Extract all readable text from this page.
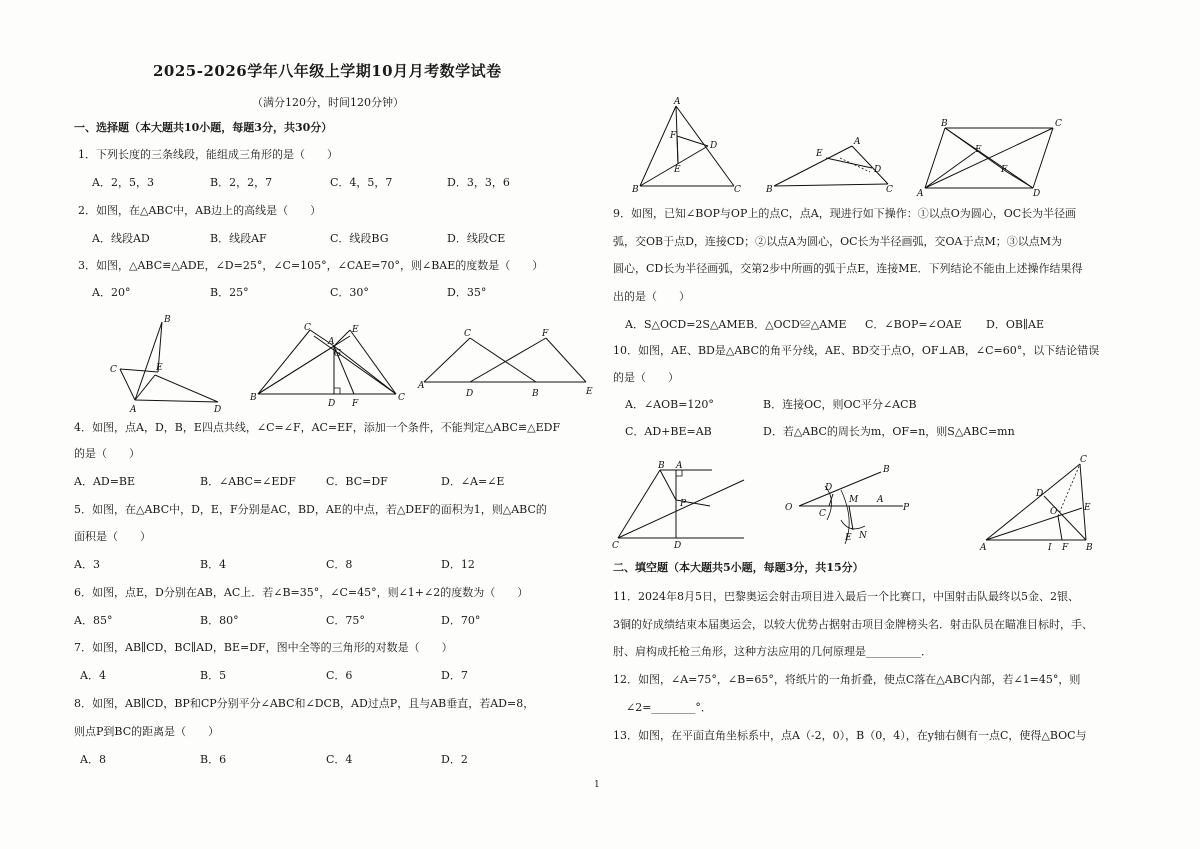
2025-2026学年八年级上学期10月月考数学试卷
（满分120分，时间120分钟）
一、选择题（本大题共10小题，每题3分，共30分）
1．下列长度的三条线段，能组成三角形的是（　　）
A．2，5，3	B．2，2，7	C．4，5，7	D．3，3，6
2．如图，在△ABC中，AB边上的高线是（　　）
A．线段AD	B．线段AF	C．线段BG	D．线段CE
3．如图，△ABC≌△ADE，∠D=25°，∠C=105°，∠CAE=70°，则∠BAE的度数是（　　）
A．20°	B．25°	C．30°	D．35°
B
C	E
A	D
C
A
E
G
B	C
D F
C	F
A
D	B	E
4．如图，点A，D，B，E四点共线，∠C=∠F，AC=EF，添加一个条件，不能判定△ABC≌△EDF
的是（　　）
A．AD=BE	B．∠ABC=∠EDF	C．BC=DF	D．∠A=∠E
5．如图，在△ABC中，D，E，F分别是AC，BD，AE的中点，若△DEF的面积为1，则△ABC的
面积是（　　）
A．3	B．4	C．8	D．12
6．如图，点E，D分别在AB，AC上．若∠B=35°，∠C=45°，则∠1+∠2的度数为（　　）
A．85°	B．80°	C．75°	D．70°
7．如图，AB∥CD，BC∥AD，BE=DF，图中全等的三角形的对数是（　　）
A．4	B．5	C．6	D．7
8．如图，AB∥CD，BP和CP分别平分∠ABC和∠DCB，AD过点P，且与AB垂直，若AD=8，
则点P到BC的距离是（　　）
A．8	B．6	C．4	D．2
A
F
D
E
B	C
A
E
D
B	C
B	C
A	D
F
E
9．如图，已知∠BOP与OP上的点C，点A，现进行如下操作：①以点O为圆心，OC长为半径画
弧，交OB于点D，连接CD；②以点A为圆心，OC长为半径画弧，交OA于点M；③以点M为
圆心，CD长为半径画弧，交第2步中所画的弧于点E，连接ME．下列结论不能由上述操作结果得
出的是（　　）
A．S△OCD=2S△AME B．△OCD≌△AME C．∠BOP=∠OAE D．OB∥AE
10．如图，AE、BD是△ABC的角平分线，AE、BD交于点O，OF⊥AB，∠C=60°，以下结论错误
的是（　　）
A．∠AOB=120°	B．连接OC，则OC平分∠ACB
C．AD+BE=AB	D．若△ABC的周长为m，OF=n，则S△ABC=mn
B A
P
C	D
B
O
D
C
M A
P
E N
C
D
E
O
A	I F B
二、填空题（本大题共5小题，每题3分，共15分）
11．2024年8月5日，巴黎奥运会射击项目进入最后一个比赛口，中国射击队最终以5金、2银、
3铜的好成绩结束本届奥运会，以较大优势占据射击项目金牌榜头名．射击队员在瞄准目标时，手、
肘、肩构成托枪三角形，这种方法应用的几何原理是__________．
12．如图，∠A=75°，∠B=65°，将纸片的一角折叠，使点C落在△ABC内部，若∠1=45°，则
∠2=________°．
13．如图，在平面直角坐标系中，点A（-2，0），B（0，4），在y轴右侧有一点C，使得△BOC与
1
